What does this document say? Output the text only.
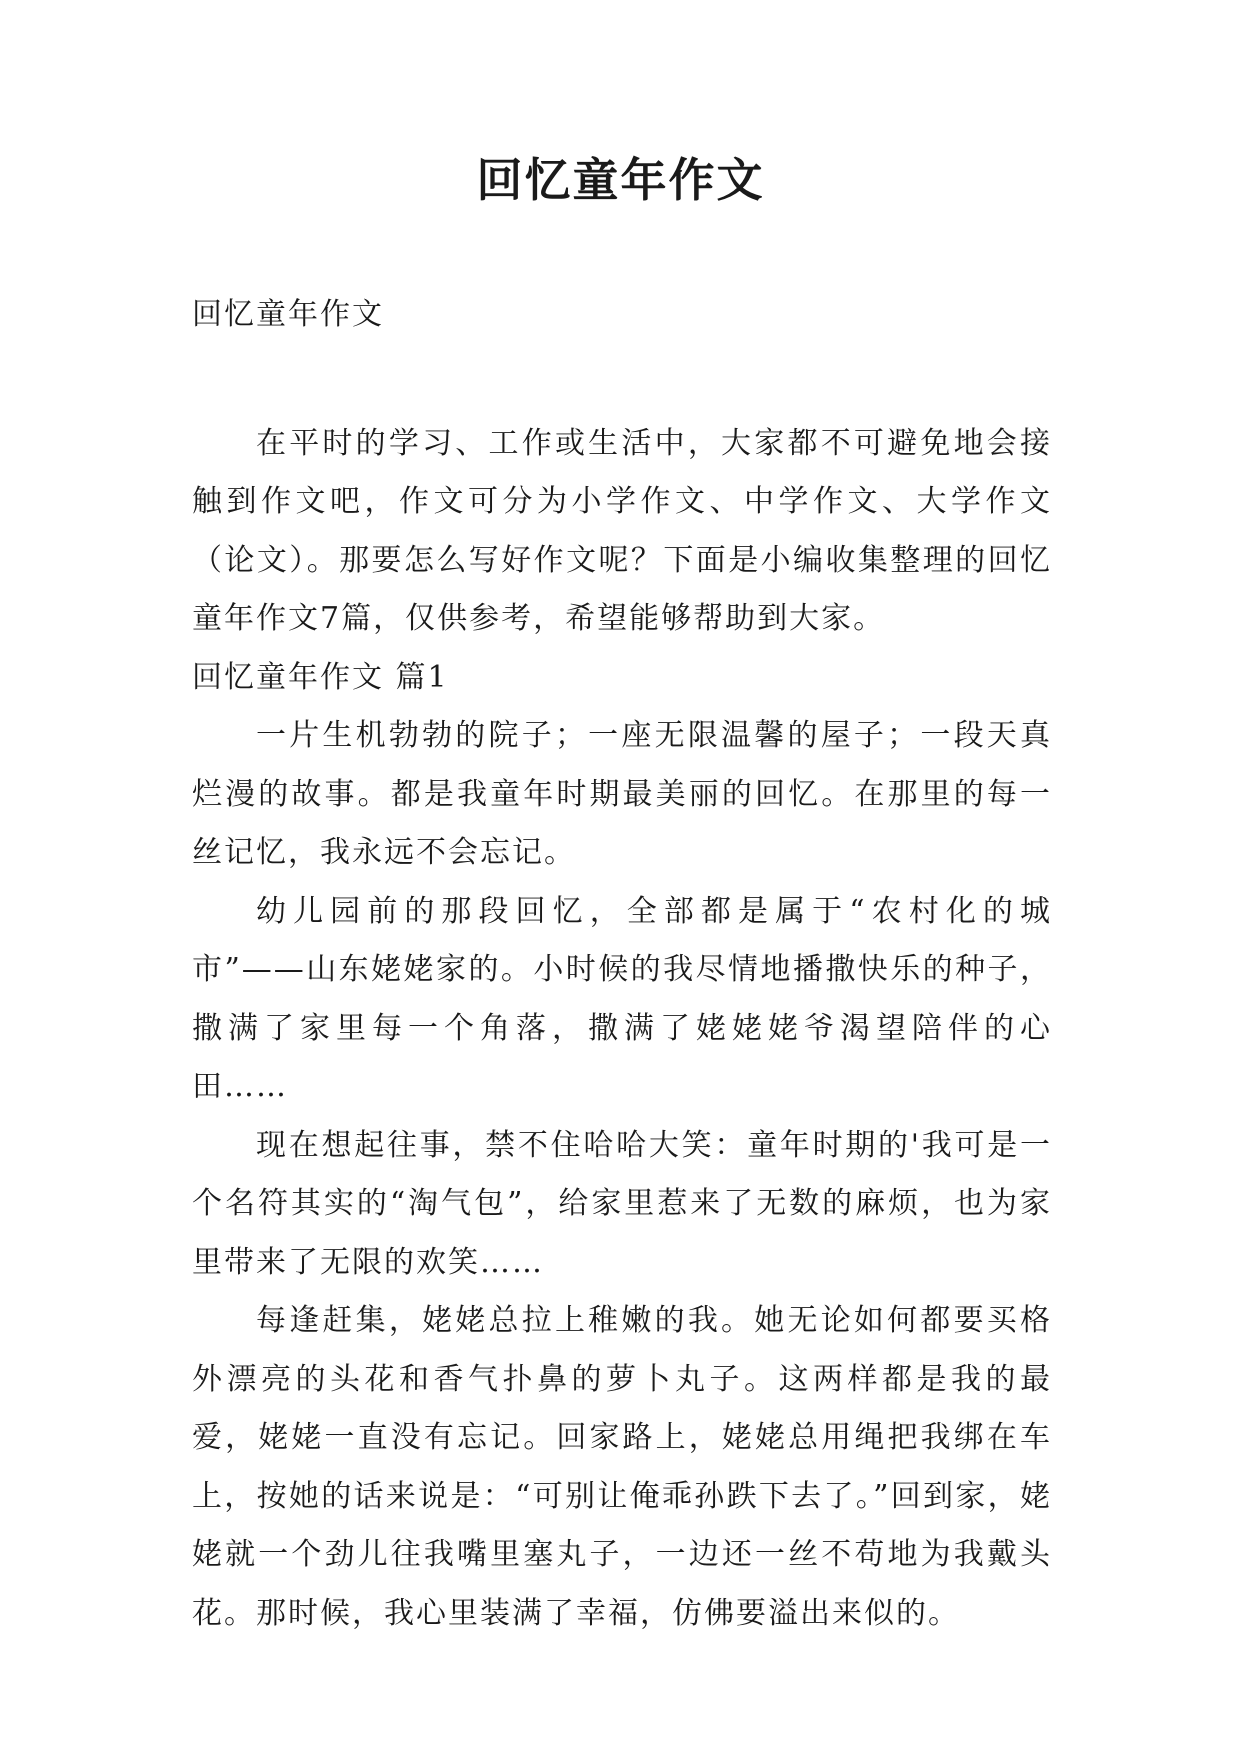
回忆童年作文

回忆童年作文

在平时的学习、工作或生活中，大家都不可避免地会接触到作文吧，作文可分为小学作文、中学作文、大学作文（论文）。那要怎么写好作文呢？下面是小编收集整理的回忆童年作文7篇，仅供参考，希望能够帮助到大家。

回忆童年作文 篇1

一片生机勃勃的院子；一座无限温馨的屋子；一段天真烂漫的故事。都是我童年时期最美丽的回忆。在那里的每一丝记忆，我永远不会忘记。

幼儿园前的那段回忆，全部都是属于“农村化的城市”——山东姥姥家的。小时候的我尽情地播撒快乐的种子，撒满了家里每一个角落，撒满了姥姥姥爷渴望陪伴的心田……

现在想起往事，禁不住哈哈大笑：童年时期的'我可是一个名符其实的“淘气包”，给家里惹来了无数的麻烦，也为家里带来了无限的欢笑……

每逢赶集，姥姥总拉上稚嫩的我。她无论如何都要买格外漂亮的头花和香气扑鼻的萝卜丸子。这两样都是我的最爱，姥姥一直没有忘记。回家路上，姥姥总用绳把我绑在车上，按她的话来说是：“可别让俺乖孙跌下去了。”回到家，姥姥就一个劲儿往我嘴里塞丸子，一边还一丝不苟地为我戴头花。那时候，我心里装满了幸福，仿佛要溢出来似的。
